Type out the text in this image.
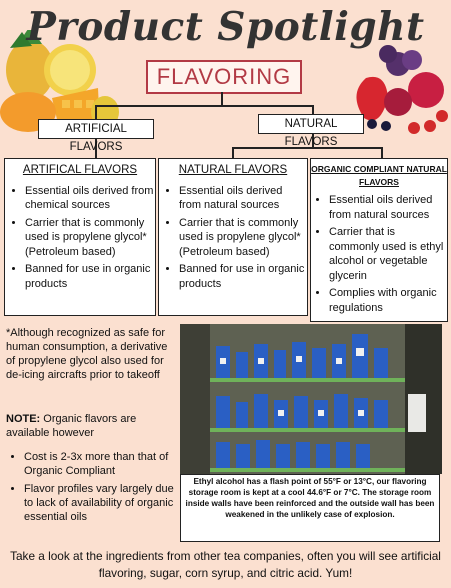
Product Spotlight
FLAVORING
ARTIFICIAL FLAVORS
NATURAL FLAVORS
ARTIFICAL FLAVORS
• Essential oils derived from chemical sources
• Carrier that is commonly used is propylene glycol* (Petroleum based)
• Banned for use in organic products
NATURAL FLAVORS
• Essential oils derived from natural sources
• Carrier that is commonly used is propylene glycol* (Petroleum based)
• Banned for use in organic products
ORGANIC COMPLIANT NATURAL FLAVORS
• Essential oils derived from natural sources
• Carrier that is commonly used is ethyl alcohol or vegetable glycerin
• Complies with organic regulations
*Although recognized as safe for human consumption, a derivative of propylene glycol also used for de-icing aircrafts prior to takeoff
NOTE: Organic flavors are available however
• Cost is 2-3x more than that of Organic Compliant
• Flavor profiles vary largely due to lack of availability of organic essential oils
Ethyl alcohol has a flash point of 55°F or 13°C, our flavoring storage room is kept at a cool 44.6°F or 7°C. The storage room inside walls have been reinforced and the outside wall has been weakened in the unlikely case of explosion.
Take a look at the ingredients from other tea companies, often you will see artificial flavoring, sugar, corn syrup, and citric acid. Yum!
